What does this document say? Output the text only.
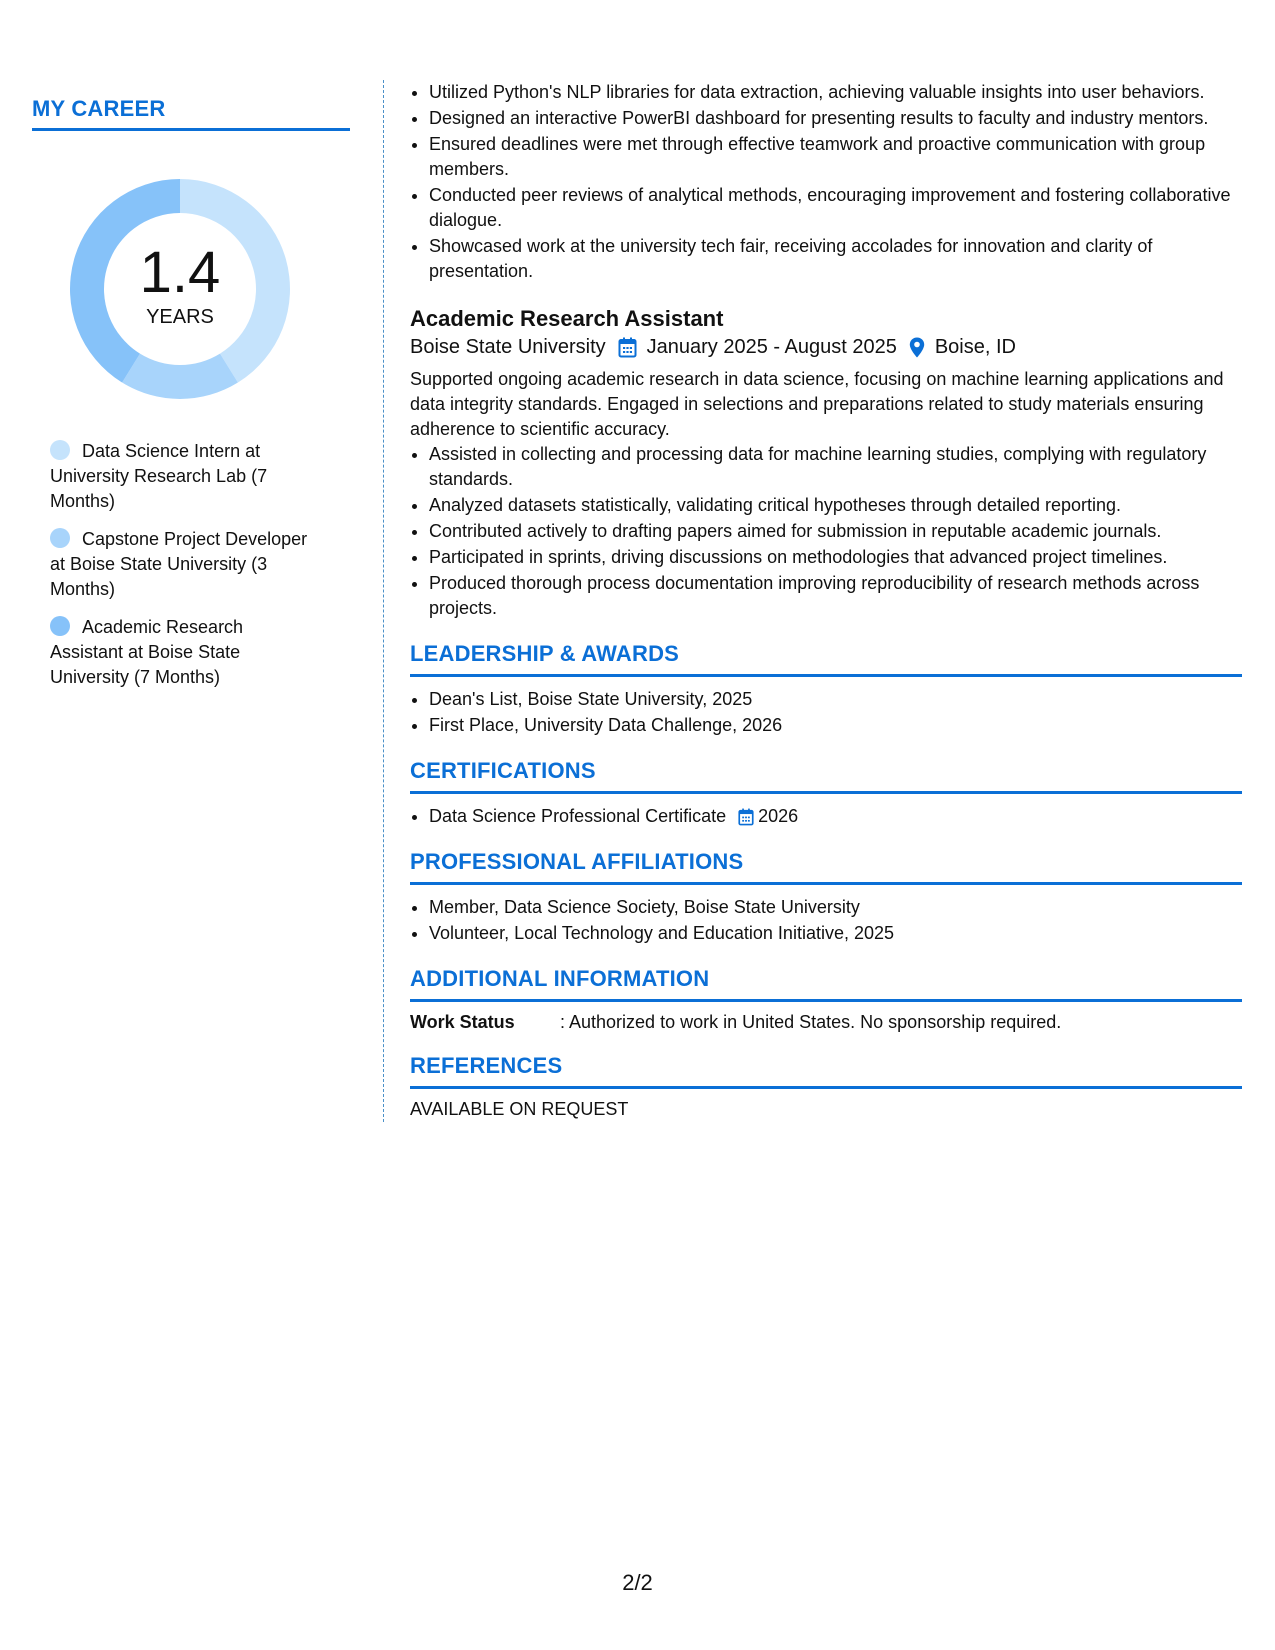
MY CAREER
1.4
YEARS
Data Science Intern at University Research Lab (7 Months)
Capstone Project Developer at Boise State University (3 Months)
Academic Research Assistant at Boise State University (7 Months)
• Utilized Python's NLP libraries for data extraction, achieving valuable insights into user behaviors.
• Designed an interactive PowerBI dashboard for presenting results to faculty and industry mentors.
• Ensured deadlines were met through effective teamwork and proactive communication with group members.
• Conducted peer reviews of analytical methods, encouraging improvement and fostering collaborative dialogue.
• Showcased work at the university tech fair, receiving accolades for innovation and clarity of presentation.
Academic Research Assistant
Boise State University January 2025 - August 2025 Boise, ID

Supported ongoing academic research in data science, focusing on machine learning applications and data integrity standards. Engaged in selections and preparations related to study materials ensuring adherence to scientific accuracy.

• Assisted in collecting and processing data for machine learning studies, complying with regulatory standards.
• Analyzed datasets statistically, validating critical hypotheses through detailed reporting.
• Contributed actively to drafting papers aimed for submission in reputable academic journals.
• Participated in sprints, driving discussions on methodologies that advanced project timelines.
• Produced thorough process documentation improving reproducibility of research methods across projects.
LEADERSHIP & AWARDS
• Dean's List, Boise State University, 2025
• First Place, University Data Challenge, 2026
CERTIFICATIONS
• Data Science Professional Certificate 2026
PROFESSIONAL AFFILIATIONS
• Member, Data Science Society, Boise State University
• Volunteer, Local Technology and Education Initiative, 2025
ADDITIONAL INFORMATION
Work Status	: Authorized to work in United States. No sponsorship required.
REFERENCES
AVAILABLE ON REQUEST
2/2
